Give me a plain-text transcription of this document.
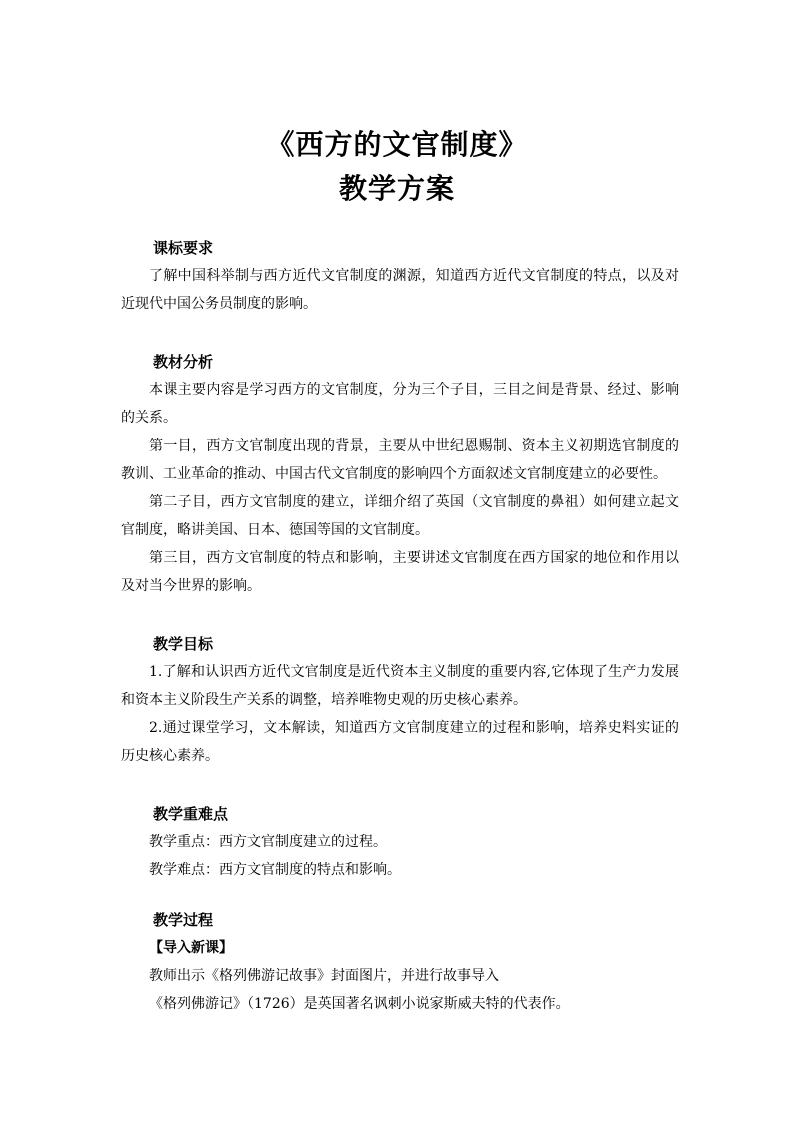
《西方的文官制度》
教学方案

课标要求

了解中国科举制与西方近代文官制度的渊源，知道西方近代文官制度的特点，以及对近现代中国公务员制度的影响。

教材分析

本课主要内容是学习西方的文官制度，分为三个子目，三目之间是背景、经过、影响的关系。

第一目，西方文官制度出现的背景，主要从中世纪恩赐制、资本主义初期选官制度的教训、工业革命的推动、中国古代文官制度的影响四个方面叙述文官制度建立的必要性。

第二子目，西方文官制度的建立，详细介绍了英国（文官制度的鼻祖）如何建立起文官制度，略讲美国、日本、德国等国的文官制度。

第三目，西方文官制度的特点和影响，主要讲述文官制度在西方国家的地位和作用以及对当今世界的影响。

教学目标

1.了解和认识西方近代文官制度是近代资本主义制度的重要内容,它体现了生产力发展和资本主义阶段生产关系的调整，培养唯物史观的历史核心素养。

2.通过课堂学习，文本解读，知道西方文官制度建立的过程和影响，培养史料实证的历史核心素养。

教学重难点

教学重点：西方文官制度建立的过程。

教学难点：西方文官制度的特点和影响。

教学过程

【导入新课】

教师出示《格列佛游记故事》封面图片，并进行故事导入

《格列佛游记》（1726）是英国著名讽刺小说家斯威夫特的代表作。
